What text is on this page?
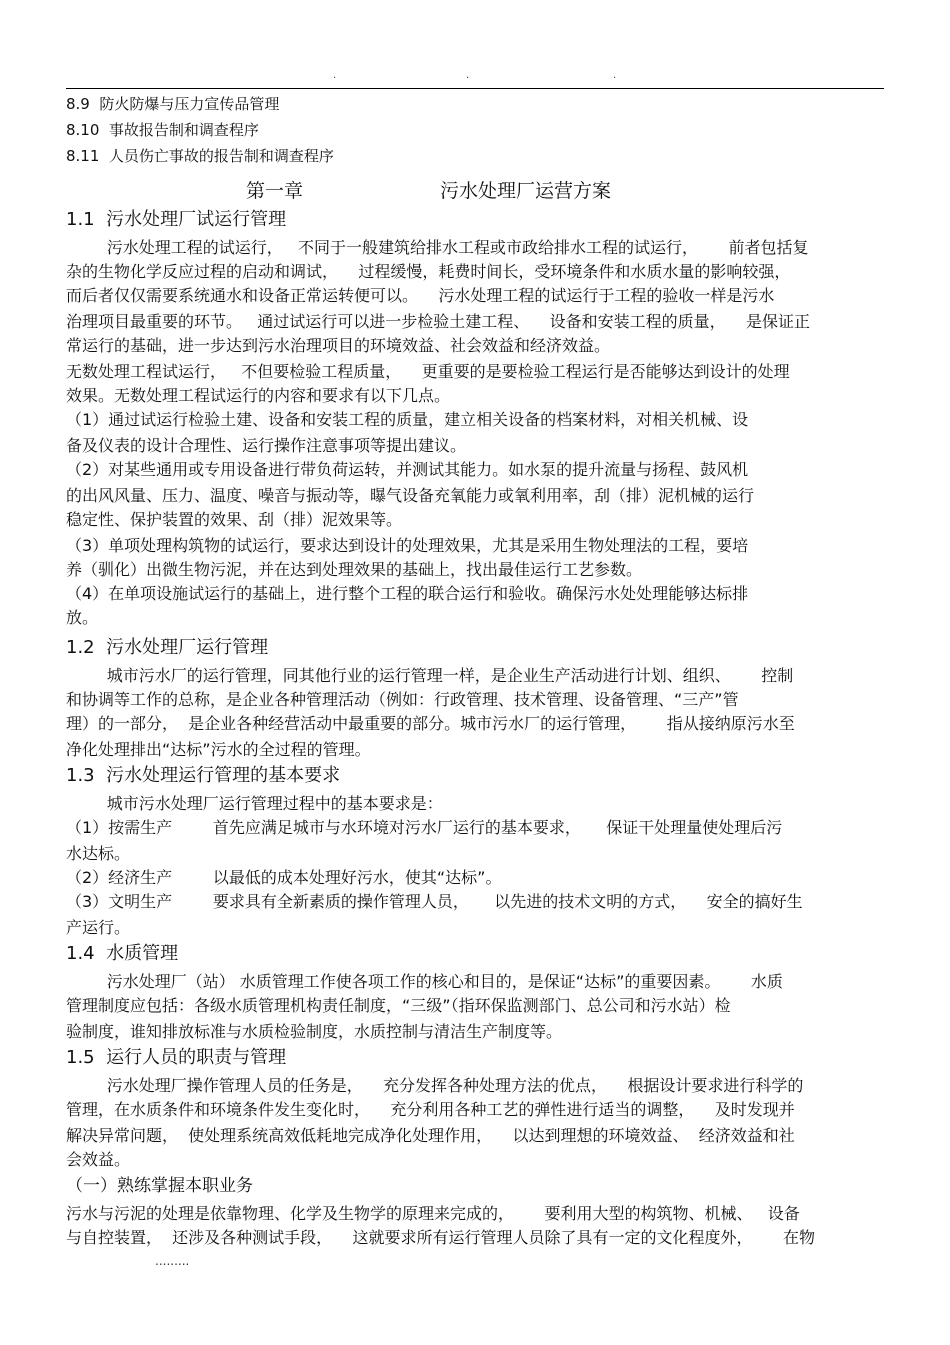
.	.	.
8.9  防火防爆与压力宣传品管理
8.10  事故报告制和调查程序
8.11  人员伤亡事故的报告制和调查程序
第一章	污水处理厂运营方案
1.1  污水处理厂试运行管理
污水处理工程的试运行，   不同于一般建筑给排水工程或市政给排水工程的试运行，      前者包括复
杂的生物化学反应过程的启动和调试，    过程缓慢，耗费时间长，受环境条件和水质水量的影响较强，
而后者仅仅需要系统通水和设备正常运转便可以。    污水处理工程的试运行于工程的验收一样是污水
治理项目最重要的环节。   通过试运行可以进一步检验土建工程、    设备和安装工程的质量，    是保证正
常运行的基础，进一步达到污水治理项目的环境效益、社会效益和经济效益。
无数处理工程试运行，   不但要检验工程质量，    更重要的是要检验工程运行是否能够达到设计的处理
效果。无数处理工程试运行的内容和要求有以下几点。
（1）通过试运行检验土建、设备和安装工程的质量，建立相关设备的档案材料，对相关机械、设
备及仪表的设计合理性、运行操作注意事项等提出建议。
（2）对某些通用或专用设备进行带负荷运转，并测试其能力。如水泵的提升流量与扬程、鼓风机
的出风风量、压力、温度、噪音与振动等，曝气设备充氧能力或氧利用率，刮（排）泥机械的运行
稳定性、保护装置的效果、刮（排）泥效果等。
（3）单项处理构筑物的试运行，要求达到设计的处理效果，尤其是采用生物处理法的工程，要培
养（驯化）出微生物污泥，并在达到处理效果的基础上，找出最佳运行工艺参数。
（4）在单项设施试运行的基础上，进行整个工程的联合运行和验收。确保污水处处理能够达标排
放。
1.2  污水处理厂运行管理
城市污水厂的运行管理，同其他行业的运行管理一样，是企业生产活动进行计划、组织、      控制
和协调等工作的总称，是企业各种管理活动（例如：行政管理、技术管理、设备管理、“三产”管
理）的一部分，  是企业各种经营活动中最重要的部分。城市污水厂的运行管理，      指从接纳原污水至
净化处理排出“达标”污水的全过程的管理。
1.3  污水处理运行管理的基本要求
城市污水处理厂运行管理过程中的基本要求是：
（1）按需生产        首先应满足城市与水环境对污水厂运行的基本要求，     保证干处理量使处理后污
水达标。
（2）经济生产        以最低的成本处理好污水，使其“达标”。
（3）文明生产        要求具有全新素质的操作管理人员，     以先进的技术文明的方式，    安全的搞好生
产运行。
1.4  水质管理
污水处理厂（站） 水质管理工作使各项工作的核心和目的，是保证“达标”的重要因素。      水质
管理制度应包括：各级水质管理机构责任制度，“三级”（指环保监测部门、总公司和污水站）检
验制度，谁知排放标准与水质检验制度，水质控制与清洁生产制度等。
1.5  运行人员的职责与管理
污水处理厂操作管理人员的任务是，    充分发挥各种处理方法的优点，    根据设计要求进行科学的
管理，在水质条件和环境条件发生变化时，    充分利用各种工艺的弹性进行适当的调整，    及时发现并
解决异常问题，  使处理系统高效低耗地完成净化处理作用，    以达到理想的环境效益、  经济效益和社
会效益。
（一）熟练掌握本职业务
污水与污泥的处理是依靠物理、化学及生物学的原理来完成的，      要利用大型的构筑物、机械、   设备
与自控装置，  还涉及各种测试手段，    这就要求所有运行管理人员除了具有一定的文化程度外，      在物
.........
